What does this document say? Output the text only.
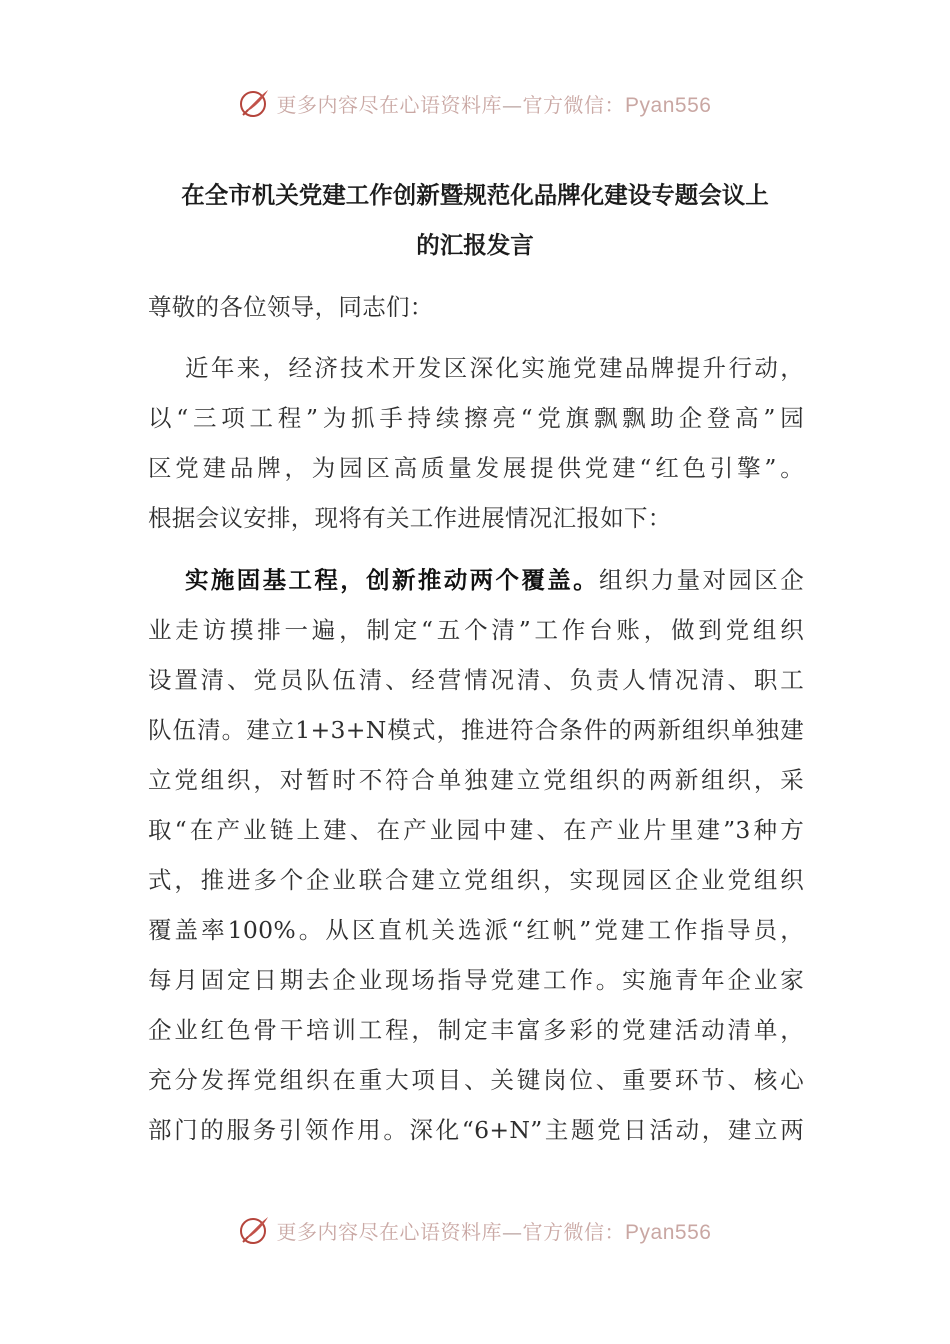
更多内容尽在心语资料库—官方微信：Pyan556
在全市机关党建工作创新暨规范化品牌化建设专题会议上
的汇报发言
尊敬的各位领导，同志们：
近年来，经济技术开发区深化实施党建品牌提升行动，
以“三项工程”为抓手持续擦亮“党旗飘飘助企登高”园
区党建品牌，为园区高质量发展提供党建“红色引擎”。
根据会议安排，现将有关工作进展情况汇报如下：
实施固基工程，创新推动两个覆盖。组织力量对园区企
业走访摸排一遍，制定“五个清”工作台账，做到党组织
设置清、党员队伍清、经营情况清、负责人情况清、职工
队伍清。建立1+3+N模式，推进符合条件的两新组织单独建
立党组织，对暂时不符合单独建立党组织的两新组织，采
取“在产业链上建、在产业园中建、在产业片里建”3种方
式，推进多个企业联合建立党组织，实现园区企业党组织
覆盖率100%。从区直机关选派“红帆”党建工作指导员，
每月固定日期去企业现场指导党建工作。实施青年企业家
企业红色骨干培训工程，制定丰富多彩的党建活动清单，
充分发挥党组织在重大项目、关键岗位、重要环节、核心
部门的服务引领作用。深化“6+N”主题党日活动，建立两
更多内容尽在心语资料库—官方微信：Pyan556
